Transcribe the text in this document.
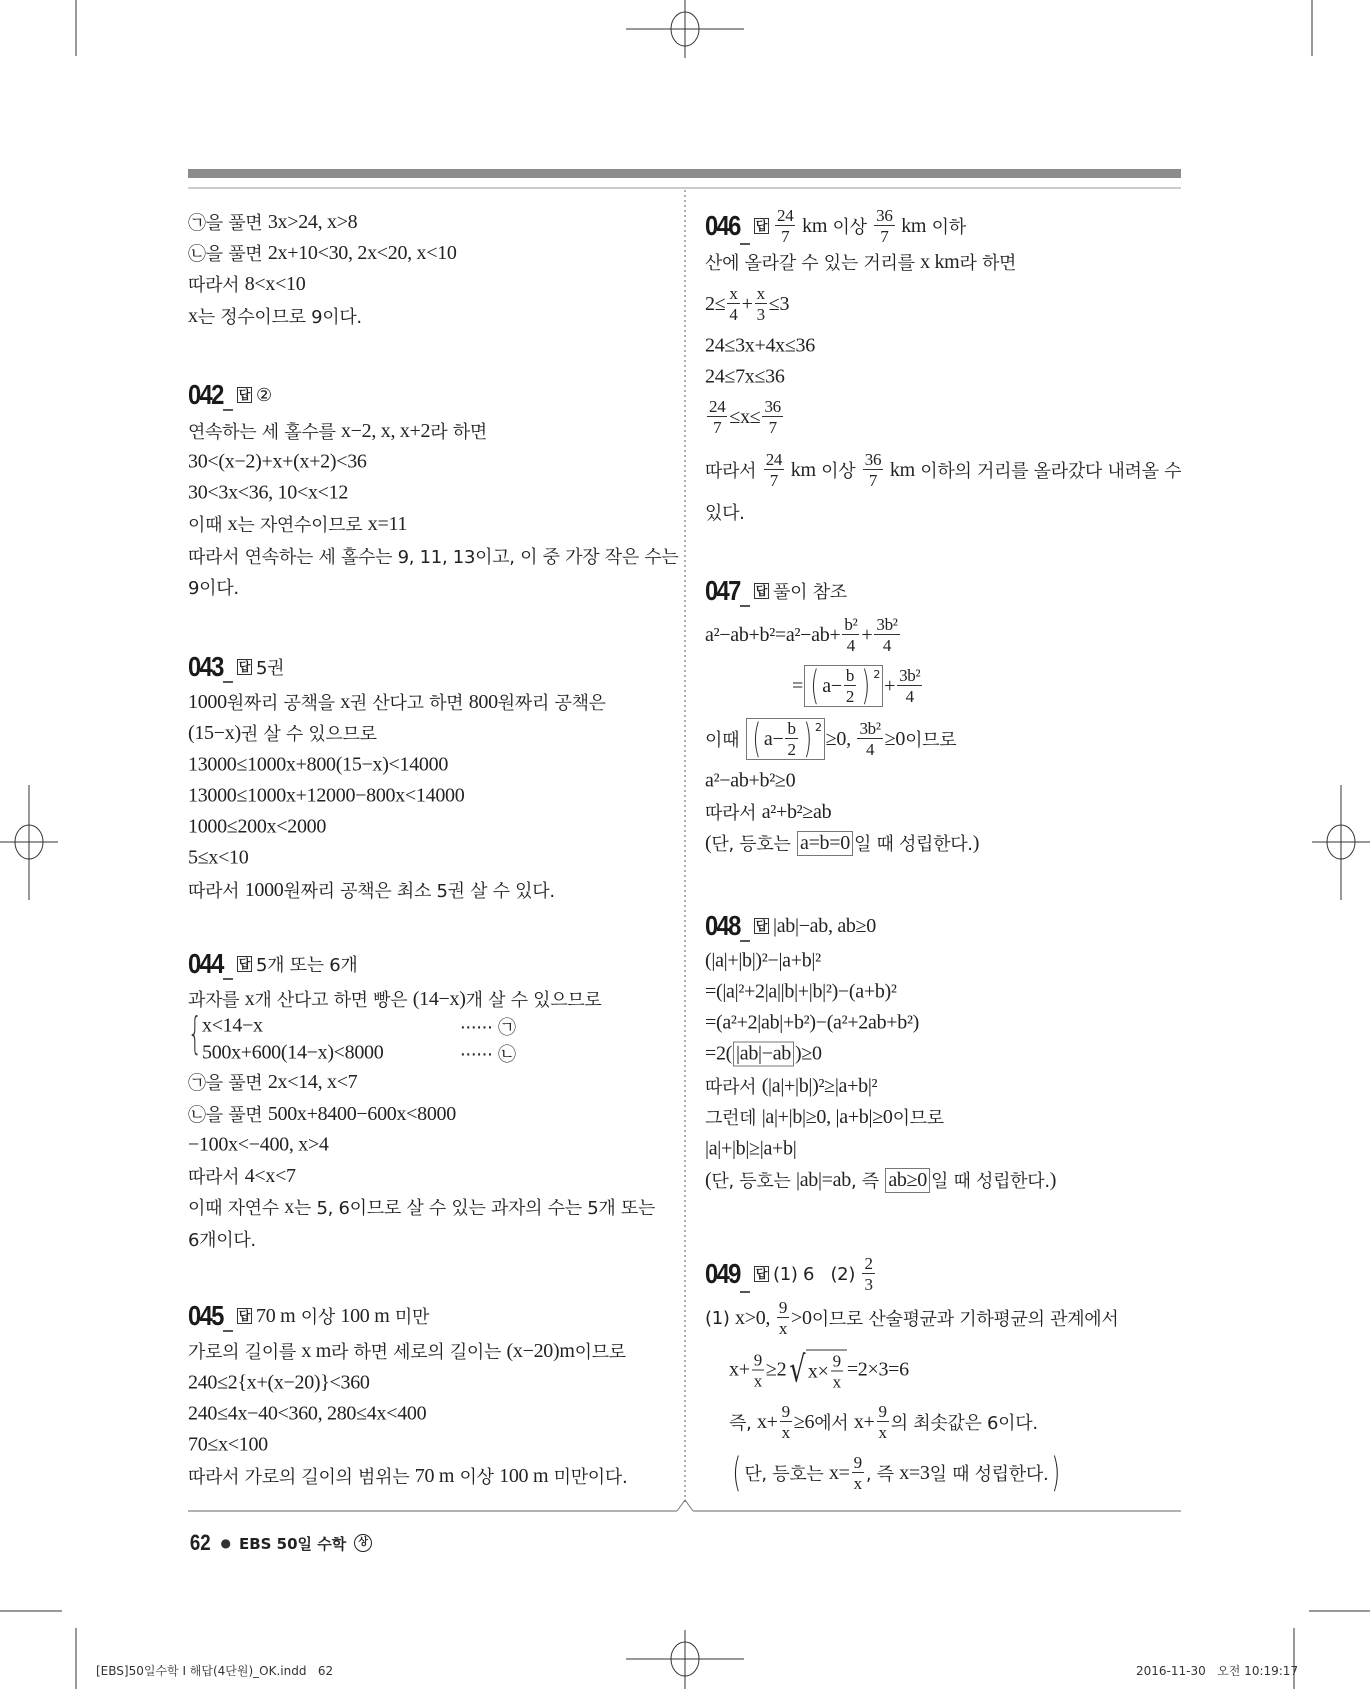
㉠을 풀면 3x>24, x>8
㉡을 풀면 2x+10<30, 2x<20, x<10
따라서 8<x<10
x 는 정수이므로 9이다.
042 답 ②
연속하는 세 홀수를 x−2, x, x+2 라 하면
30<(x−2)+x+(x+2)<36
30<3x<36, 10<x<12
이때 x 는 자연수이므로 x=11
따라서 연속하는 세 홀수는 9, 11, 13이고, 이 중 가장 작은 수는
9이다.
043 답 5권
1000 원짜리 공책을 x 권 산다고 하면 800 원짜리 공책은
(15−x) 권 살 수 있으므로
13000≤1000x+800(15−x)<14000
13000≤1000x+12000−800x<14000
1000≤200x<2000
5≤x<10
따라서 1000 원짜리 공책은 최소 5권 살 수 있다.
044 답 5개 또는 6개
과자를 x 개 산다고 하면 빵은 (14−x) 개 살 수 있으므로
x<14−x	······ ㉠
500x+600(14−x)<8000	······ ㉡
㉠을 풀면 2x<14, x<7
㉡을 풀면 500x+8400−600x<8000
−100x<−400, x>4
따라서 4<x<7
이때 자연수 x 는 5, 6이므로 살 수 있는 과자의 수는 5개 또는
6개이다.
045 답 70 m 이상 100 m 미만
가로의 길이를 x m 라 하면 세로의 길이는 (x−20)m 이므로
240≤2{x+(x−20)}<360
240≤4x−40<360, 280≤4x<400
70≤x<100
따라서 가로의 길이의 범위는 70 m 이상 100 m 미만이다.
046 답 $\frac{24}{7}$ km 이상 $\frac{36}{7}$ km 이하
산에 올라갈 수 있는 거리를 x km 라 하면
$2\le \frac{x}{4} + \frac{x}{3} \le 3$
24≤3x+4x≤36
24≤7x≤36
$\frac{24}{7} \le x\le \frac{36}{7}$
따라서 $\frac{24}{7}$ km 이상 $\frac{36}{7}$ km 이하의 거리를 올라갔다 내려올 수
있다.
047 답 풀이 참조
$a^2-ab+b^2=a^2-ab+ \frac{\text{b²}}{4} + \frac{\text{3b²}}{4}$
= ( $a- \frac{b}{2}$ ) $^2 + \frac{\text{3b²}}{4}$
이때 ( $a- \frac{b}{2}$ ) $^2$ ≥0, $\frac{\text{3b²}}{4} \ge 0$ 이므로
a²−ab+b²≥0
따라서 a²+b²≥ab
( 단, 등호는 a=b=0 일 때 성립한다. )
048 답 |ab|−ab, ab≥0
(|a|+|b|)²−|a+b|²
=(|a|²+2|a||b|+|b|²)−(a+b)²
=(a²+2|ab|+b²)−(a²+2ab+b²)
=2( |ab|−ab )≥0
따라서 (|a|+|b|)²≥|a+b|²
그런데 |a|+|b|≥0, |a+b|≥0 이므로
|a|+|b|≥|a+b|
( 단, 등호는 |ab|=ab , 즉 ab≥0 일 때 성립한다. )
049 답 (1) 6   $(2) \frac{2}{3}$
(1) x>0, $\frac{9}{x} >0$ 이므로 산술평균과 기하평균의 관계에서
$x+ \frac{9}{x} \ge 2$ √ $x\times \frac{9}{x} =2\times 3=6$
즉, $x+ \frac{9}{x} \ge 6$ 에서 $x+ \frac{9}{x}$ 의 최솟값은 6이다.
( 단, 등호는 $x= \frac{9}{x}$ , 즉 x=3 일 때 성립한다. )
{
62 ● EBS 50일 수학	상
[EBS]50일수학 I 해답(4단원)_OK.indd   62	2016-11-30   오전 10:19:17
